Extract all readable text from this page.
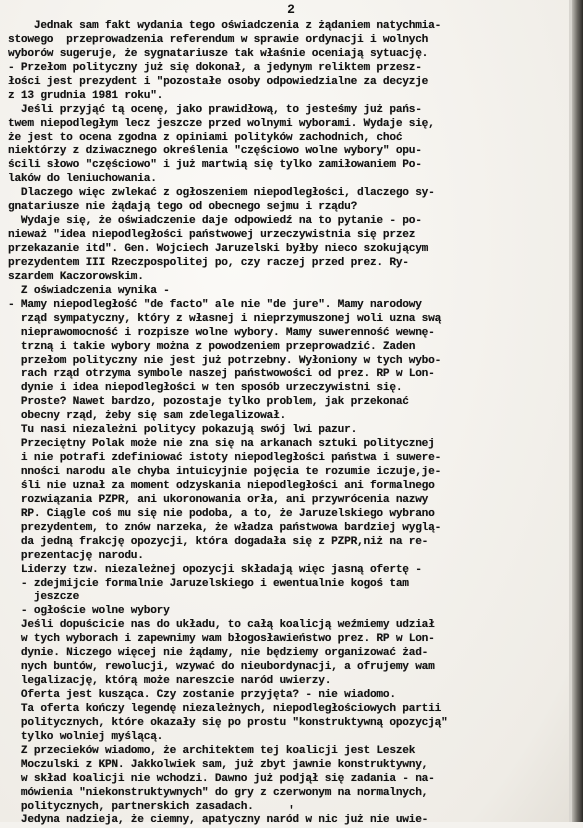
2
Jednak sam fakt wydania tego oświadczenia z żądaniem natychmia-
stowego  przeprowadzenia referendum w sprawie ordynacji i wolnych
wyborów sugeruje, że sygnatariusze tak właśnie oceniają sytuację.
- Przełom polityczny już się dokonał, a jedynym reliktem przesz-
łości jest prezydent i "pozostałe osoby odpowiedzialne za decyzje
z 13 grudnia 1981 roku".
Jeśli przyjąć tą ocenę, jako prawidłową, to jesteśmy już pańs-
twem niepodległym lecz jeszcze przed wolnymi wyborami. Wydaje się,
że jest to ocena zgodna z opiniami polityków zachodnich, choć
niektórzy z dziwacznego określenia "częściowo wolne wybory" opu-
ścili słowo "częściowo" i już martwią się tylko zamiłowaniem Po-
laków do leniuchowania.
Dlaczego więc zwlekać z ogłoszeniem niepodległości, dlaczego sy-
gnatariusze nie żądają tego od obecnego sejmu i rządu?
Wydaje się, że oświadczenie daje odpowiedź na to pytanie - po-
nieważ "idea niepodległości państwowej urzeczywistnia się przez
przekazanie itd". Gen. Wojciech Jaruzelski byłby nieco szokującym
prezydentem III Rzeczpospolitej po, czy raczej przed prez. Ry-
szardem Kaczorowskim.
Z oświadczenia wynika -
- Mamy niepodległość "de facto" ale nie "de jure". Mamy narodowy
rząd sympatyczny, który z własnej i nieprzymuszonej woli uzna swą
nieprawomocność i rozpisze wolne wybory. Mamy suwerenność wewnę-
trzną i takie wybory można z powodzeniem przeprowadzić. Żaden
przełom polityczny nie jest już potrzebny. Wyłoniony w tych wybo-
rach rząd otrzyma symbole naszej państwowości od prez. RP w Lon-
dynie i idea niepodległości w ten sposób urzeczywistni się.
Proste? Nawet bardzo, pozostaje tylko problem, jak przekonać
obecny rząd, żeby się sam zdelegalizował.
Tu nasi niezależni politycy pokazują swój lwi pazur.
Przeciętny Polak może nie zna się na arkanach sztuki politycznej
i nie potrafi zdefiniować istoty niepodległości państwa i suwere-
nności narodu ale chyba intuicyjnie pojęcia te rozumie iczuje,je-
śli nie uznał za moment odzyskania niepodległości ani formalnego
rozwiązania PZPR, ani ukoronowania orła, ani przywrócenia nazwy
RP. Ciągle coś mu się nie podoba, a to, że Jaruzelskiego wybrano
prezydentem, to znów narzeka, że władza państwowa bardziej wyglą-
da jedną frakcję opozycji, która dogadała się z PZPR,niż na re-
prezentację narodu.
Liderzy tzw. niezależnej opozycji składają więc jasną ofertę -
- zdejmijcie formalnie Jaruzelskiego i ewentualnie kogoś tam
jeszcze
- ogłoście wolne wybory
Jeśli dopuścicie nas do układu, to całą koalicją weźmiemy udział
w tych wyborach i zapewnimy wam błogosławieństwo prez. RP w Lon-
dynie. Niczego więcej nie żądamy, nie będziemy organizować żad-
nych buntów, rewolucji, wzywać do nieubordynacji, a ofrujemy wam
legalizację, którą może nareszcie naród uwierzy.
Oferta jest kusząca. Czy zostanie przyjęta? - nie wiadomo.
Ta oferta kończy legendę niezależnych, niepodległościowych partii
politycznych, które okazały się po prostu "konstruktywną opozycją"
tylko wolniej myślącą.
Z przecieków wiadomo, że architektem tej koalicji jest Leszek
Moczulski z KPN. Jakkolwiek sam, już zbyt jawnie konstruktywny,
w skład koalicji nie wchodzi. Dawno już podjął się zadania - na-
mówienia "niekonstruktywnych" do gry z czerwonym na normalnych,
politycznych, partnerskich zasadach.
Jedyna nadzieja, że ciemny, apatyczny naród w nic już nie uwie-
'
